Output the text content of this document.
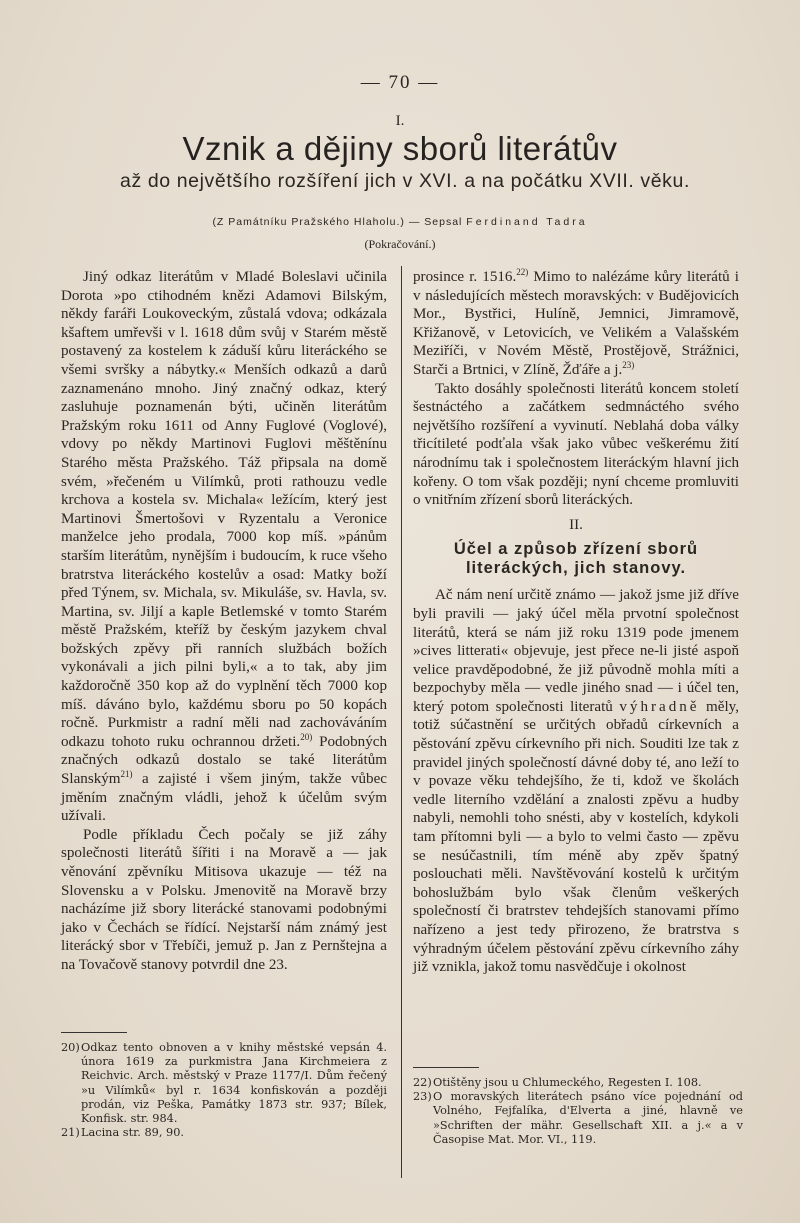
— 70 —
I.
Vznik a dějiny sborů literátův
až do největšího rozšíření jich v XVI. a na počátku XVII. věku.
(Z Památníku Pražského Hlaholu.) — Sepsal Ferdinand Tadra
(Pokračování.)

Jiný odkaz literátům v Mladé Boleslavi učinila Dorota »po ctihodném knězi Adamovi Bilským, někdy faráři Loukoveckým, zůstalá vdova; odkázala kšaftem umřevši v l. 1618 dům svůj v Starém městě postavený za kostelem k záduší kůru literáckého se všemi svršky a nábytky.« Menších odkazů a darů zaznamenáno mnoho. Jiný značný odkaz, který zasluhuje poznamenán býti, učiněn literátům Pražským roku 1611 od Anny Fuglové (Voglové), vdovy po někdy Martinovi Fuglovi měštěnínu Starého města Pražského. Táž připsala na domě svém, »řečeném u Vilímků, proti rathouzu vedle krchova a kostela sv. Michala« ležícím, který jest Martinovi Šmertošovi v Ryzentalu a Veronice manželce jeho prodala, 7000 kop míš. »pánům starším literátům, nynějším i budoucím, k ruce všeho bratrstva literáckého kostelův a osad: Matky boží před Týnem, sv. Michala, sv. Mikuláše, sv. Havla, sv. Martina, sv. Jiljí a kaple Betlemské v tomto Starém městě Pražském, kteříž by českým jazykem chval božských zpěvy při ranních službách božích vykonávali a jich pilni byli,« a to tak, aby jim každoročně 350 kop až do vyplnění těch 7000 kop míš. dáváno bylo, každému sboru po 50 kopách ročně. Purkmistr a radní měli nad zachováváním odkazu tohoto ruku ochrannou držeti.$^{20)}$ Podobných značných odkazů dostalo se také literátům Slanským$^{21)}$ a zajisté i všem jiným, takže vůbec jměním značným vládli, jehož k účelům svým užívali.

Podle příkladu Čech počaly se již záhy společnosti literátů šířiti i na Moravě a — jak věnování zpěvníku Mitisova ukazuje — též na Slovensku a v Polsku. Jmenovitě na Moravě brzy nacházíme již sbory literácké stanovami podobnými jako v Čechách se řídící. Nejstarší nám známý jest literácký sbor v Třebíči, jemuž p. Jan z Pernštejna a na Tovačově stanovy potvrdil dne 23.

20)Odkaz tento obnoven a v knihy městské vepsán 4. února 1619 za purkmistra Jana Kirchmeiera z Reichvic. Arch. městský v Praze 1177/I. Dům řečený »u Vilímků« byl r. 1634 konfiskován a později prodán, viz Peška, Památky 1873 str. 937; Bílek, Konfisk. str. 984.

21)Lacina str. 89, 90.

prosince r. 1516.$^{22)}$ Mimo to nalézáme kůry literátů i v následujících městech moravských: v Budějovicích Mor., Bystřici, Hulíně, Jemnici, Jimramově, Křižanově, v Letovicích, ve Velikém a Valašském Meziříči, v Novém Městě, Prostějově, Strážnici, Starči a Brtnici, v Zlíně, Žďáře a j.$^{23)}$

Takto dosáhly společnosti literátů koncem století šestnáctého a začátkem sedmnáctého svého největšího rozšíření a vyvinutí. Neblahá doba války třicítileté podťala však jako vůbec veškerému žití národnímu tak i společnostem literáckým hlavní jich kořeny. O tom však později; nyní chceme promluviti o vnitřním zřízení sborů literáckých.

II.
Účel a způsob zřízení sborů literáckých, jich stanovy.

Ač nám není určitě známo — jakož jsme již dříve byli pravili — jaký účel měla prvotní společnost literátů, která se nám již roku 1319 pode jmenem »cives litterati« objevuje, jest přece ne-li jisté aspoň velice pravděpodobné, že již původně mohla míti a bezpochyby měla — vedle jiného snad — i účel ten, který potom společnosti literatů výhradně měly, totiž súčastnění se určitých obřadů církevních a pěstování zpěvu církevního při nich. Souditi lze tak z pravidel jiných společností dávné doby té, ano leží to v povaze věku tehdejšího, že ti, kdož ve školách vedle literního vzdělání a znalosti zpěvu a hudby nabyli, nemohli toho snésti, aby v kostelích, kdykoli tam přítomni byli — a bylo to velmi často — zpěvu se nesúčastnili, tím méně aby zpěv špatný poslouchati měli. Navštěvování kostelů k určitým bohoslužbám bylo však členům veškerých společností či bratrstev tehdejších stanovami přímo nařízeno a jest tedy přirozeno, že bratrstva s výhradným účelem pěstování zpěvu církevního záhy již vznikla, jakož tomu nasvědčuje i okolnost

22)Otištěny jsou u Chlumeckého, Regesten I. 108.

23)O moravských literátech psáno více pojednání od Volného, Fejfalíka, d'Elverta a jiné, hlavně ve »Schriften der mähr. Gesellschaft XII. a j.« a v Časopise Mat. Mor. VI., 119.
